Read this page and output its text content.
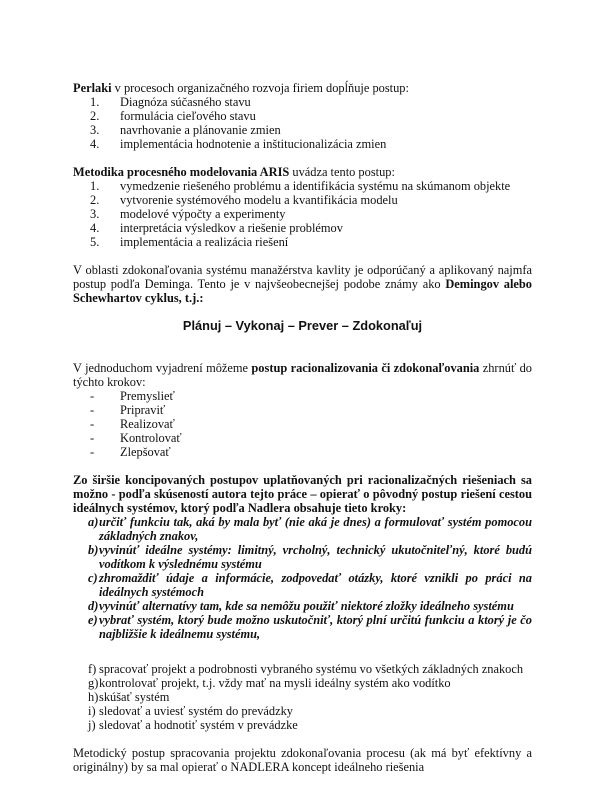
Perlaki v procesoch organizačného rozvoja firiem dopĺňuje postup:

1.	Diagnóza súčasného stavu
2.	formulácia cieľového stavu
3.	navrhovanie a plánovanie zmien
4.	implementácia hodnotenie a inštitucionalizácia zmien

Metodika procesného modelovania ARIS uvádza tento postup:

1.	vymedzenie riešeného problému a identifikácia systému na skúmanom objekte
2.	vytvorenie systémového modelu a kvantifikácia modelu
3.	modelové výpočty a experimenty
4.	interpretácia výsledkov a riešenie problémov
5.	implementácia a realizácia riešení

V oblasti zdokonaľovania systému manažérstva kavlity je odporúčaný a aplikovaný najmfa postup podľa Deminga. Tento je v najvšeobecnejšej podobe známy ako Demingov alebo Schewhartov cyklus, t.j.:

Plánuj – Vykonaj – Prever – Zdokonaľuj

V jednoduchom vyjadrení môžeme postup racionalizovania či zdokonaľovania zhrnúť do týchto krokov:

- Premyslieť
- Pripraviť
- Realizovať
- Kontrolovať
- Zlepšovať

Zo širšie koncipovaných postupov uplatňovaných pri racionalizačných riešeniach sa možno - podľa skúseností autora tejto práce – opierať o pôvodný postup riešení cestou ideálnych systémov, ktorý podľa Nadlera obsahuje tieto kroky:

a) určiť funkciu tak, aká by mala byť (nie aká je dnes) a formulovať systém pomocou základných znakov,
b) vyvinúť ideálne systémy: limitný, vrcholný, technický ukutočniteľný, ktoré budú vodítkom k výslednému systému
c) zhromaždiť údaje a informácie, zodpovedať otázky, ktoré vznikli po práci na ideálnych systémoch
d) vyvinúť alternatívy tam, kde sa nemôžu použiť niektoré zložky ideálneho systému
e) vybrať systém, ktorý bude možno uskutočniť, ktorý plní určitú funkciu a ktorý je čo najbližšie k ideálnemu systému,
f) spracovať projekt a podrobnosti vybraného systému vo všetkých základných znakoch
g) kontrolovať projekt, t.j. vždy mať na mysli ideálny systém ako vodítko
h) skúšať systém
i) sledovať a uviesť systém do prevádzky
j) sledovať a hodnotiť systém v prevádzke

Metodický postup spracovania projektu zdokonaľovania procesu (ak má byť efektívny a originálny) by sa mal opierať o NADLERA koncept ideálneho riešenia
